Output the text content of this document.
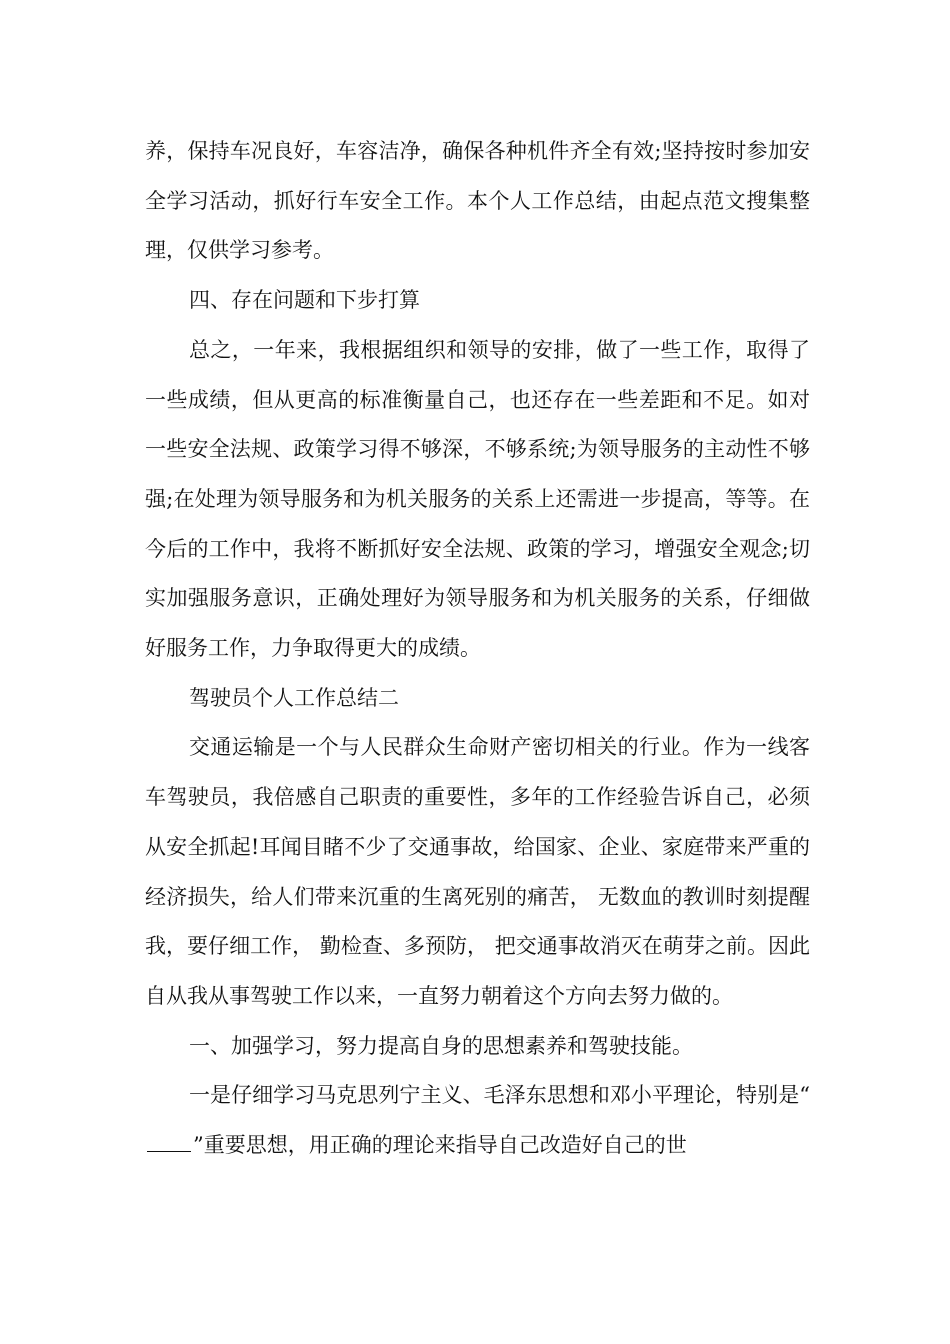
养，保持车况良好，车容洁净，确保各种机件齐全有效;坚持按时参加安全学习活动，抓好行车安全工作。本个人工作总结，由起点范文搜集整理，仅供学习参考。

四、存在问题和下步打算

总之，一年来，我根据组织和领导的安排，做了一些工作，取得了一些成绩，但从更高的标准衡量自己，也还存在一些差距和不足。如对一些安全法规、政策学习得不够深，不够系统;为领导服务的主动性不够强;在处理为领导服务和为机关服务的关系上还需进一步提高，等等。在今后的工作中，我将不断抓好安全法规、政策的学习，增强安全观念;切实加强服务意识，正确处理好为领导服务和为机关服务的关系，仔细做好服务工作，力争取得更大的成绩。

驾驶员个人工作总结二

交通运输是一个与人民群众生命财产密切相关的行业。作为一线客车驾驶员，我倍感自己职责的重要性，多年的工作经验告诉自己，必须从安全抓起!耳闻目睹不少了交通事故，给国家、企业、家庭带来严重的经济损失，给人们带来沉重的生离死别的痛苦， 无数血的教训时刻提醒我，要仔细工作， 勤检查、多预防， 把交通事故消灭在萌芽之前。因此自从我从事驾驶工作以来，一直努力朝着这个方向去努力做的。

一、加强学习，努力提高自身的思想素养和驾驶技能。

一是仔细学习马克思列宁主义、毛泽东思想和邓小平理论，特别是“”重要思想，用正确的理论来指导自己改造好自己的世
